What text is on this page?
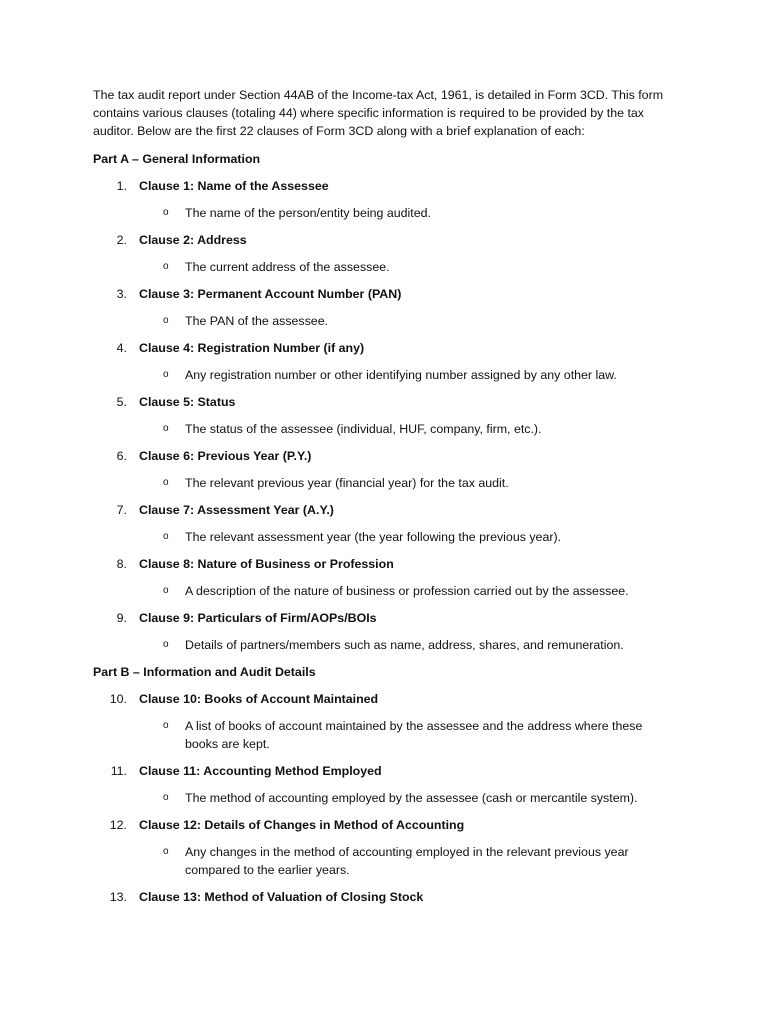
The tax audit report under Section 44AB of the Income-tax Act, 1961, is detailed in Form 3CD. This form contains various clauses (totaling 44) where specific information is required to be provided by the tax auditor. Below are the first 22 clauses of Form 3CD along with a brief explanation of each:

Part A – General Information
1. Clause 1: Name of the Assessee
o The name of the person/entity being audited.
2. Clause 2: Address
o The current address of the assessee.
3. Clause 3: Permanent Account Number (PAN)
o The PAN of the assessee.
4. Clause 4: Registration Number (if any)
o Any registration number or other identifying number assigned by any other law.
5. Clause 5: Status
o The status of the assessee (individual, HUF, company, firm, etc.).
6. Clause 6: Previous Year (P.Y.)
o The relevant previous year (financial year) for the tax audit.
7. Clause 7: Assessment Year (A.Y.)
o The relevant assessment year (the year following the previous year).
8. Clause 8: Nature of Business or Profession
o A description of the nature of business or profession carried out by the assessee.
9. Clause 9: Particulars of Firm/AOPs/BOIs
o Details of partners/members such as name, address, shares, and remuneration.
Part B – Information and Audit Details
10. Clause 10: Books of Account Maintained
o A list of books of account maintained by the assessee and the address where these books are kept.
11. Clause 11: Accounting Method Employed
o The method of accounting employed by the assessee (cash or mercantile system).
12. Clause 12: Details of Changes in Method of Accounting
o Any changes in the method of accounting employed in the relevant previous year compared to the earlier years.
13. Clause 13: Method of Valuation of Closing Stock
